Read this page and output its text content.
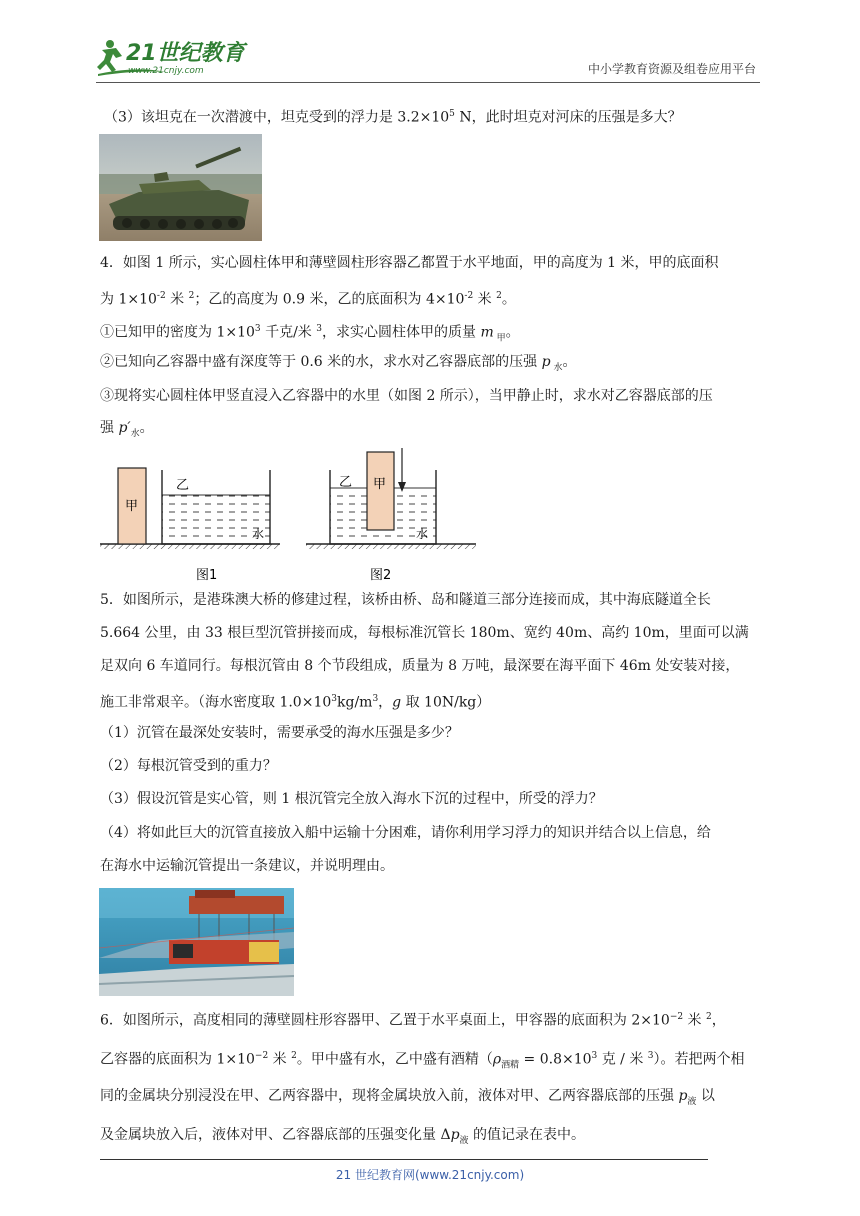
21世纪教育
www.21cnjy.com	中小学教育资源及组卷应用平台
（3）该坦克在一次潜渡中，坦克受到的浮力是 $3.2\times 10^5$ N，此时坦克对河床的压强是多大？
4．如图 1 所示，实心圆柱体甲和薄壁圆柱形容器乙都置于水平地面，甲的高度为 1 米，甲的底面积
为 $1\times 10^{-2}$ 米 $^2$；乙的高度为 0.9 米，乙的底面积为 $4\times 10^{-2}$ 米 $^2$。
①已知甲的密度为 $1\times 10^3$ 千克/米 $^3$，求实心圆柱体甲的质量 m $_甲$。
②已知向乙容器中盛有深度等于 0.6 米的水，求水对乙容器底部的压强 p $_水$。
③现将实心圆柱体甲竖直浸入乙容器中的水里（如图 2 所示），当甲静止时，求水对乙容器底部的压
强 $p'_水$。
甲
乙
水
图1
甲
乙
水
图2
5．如图所示，是港珠澳大桥的修建过程，该桥由桥、岛和隧道三部分连接而成，其中海底隧道全长
5.664 公里，由 33 根巨型沉管拼接而成，每根标准沉管长 180m、宽约 40m、高约 10m，里面可以满
足双向 6 车道同行。每根沉管由 8 个节段组成，质量为 8 万吨，最深要在海平面下 46m 处安装对接，
施工非常艰辛。（海水密度取 $1.0\times 10^3kg/m^3$，g 取 10N/kg）
（1）沉管在最深处安装时，需要承受的海水压强是多少？
（2）每根沉管受到的重力？
（3）假设沉管是实心管，则 1 根沉管完全放入海水下沉的过程中，所受的浮力？
（4）将如此巨大的沉管直接放入船中运输十分困难，请你利用学习浮力的知识并结合以上信息，给
在海水中运输沉管提出一条建议，并说明理由。
6．如图所示，高度相同的薄壁圆柱形容器甲、乙置于水平桌面上，甲容器的底面积为 $2\times 10^{-2}$ 米 $^2$，
乙容器的底面积为 $1\times 10^{-2}$ 米 $^2$。甲中盛有水，乙中盛有酒精（$\rho_{酒精} = 0.8\times 10^3$ 克 / 米 $^3$）。若把两个相
同的金属块分别浸没在甲、乙两容器中，现将金属块放入前，液体对甲、乙两容器底部的压强 $p_液$ 以
及金属块放入后，液体对甲、乙容器底部的压强变化量 $\Delta p_液$ 的值记录在表中。
21 世纪教育网(www.21cnjy.com)
